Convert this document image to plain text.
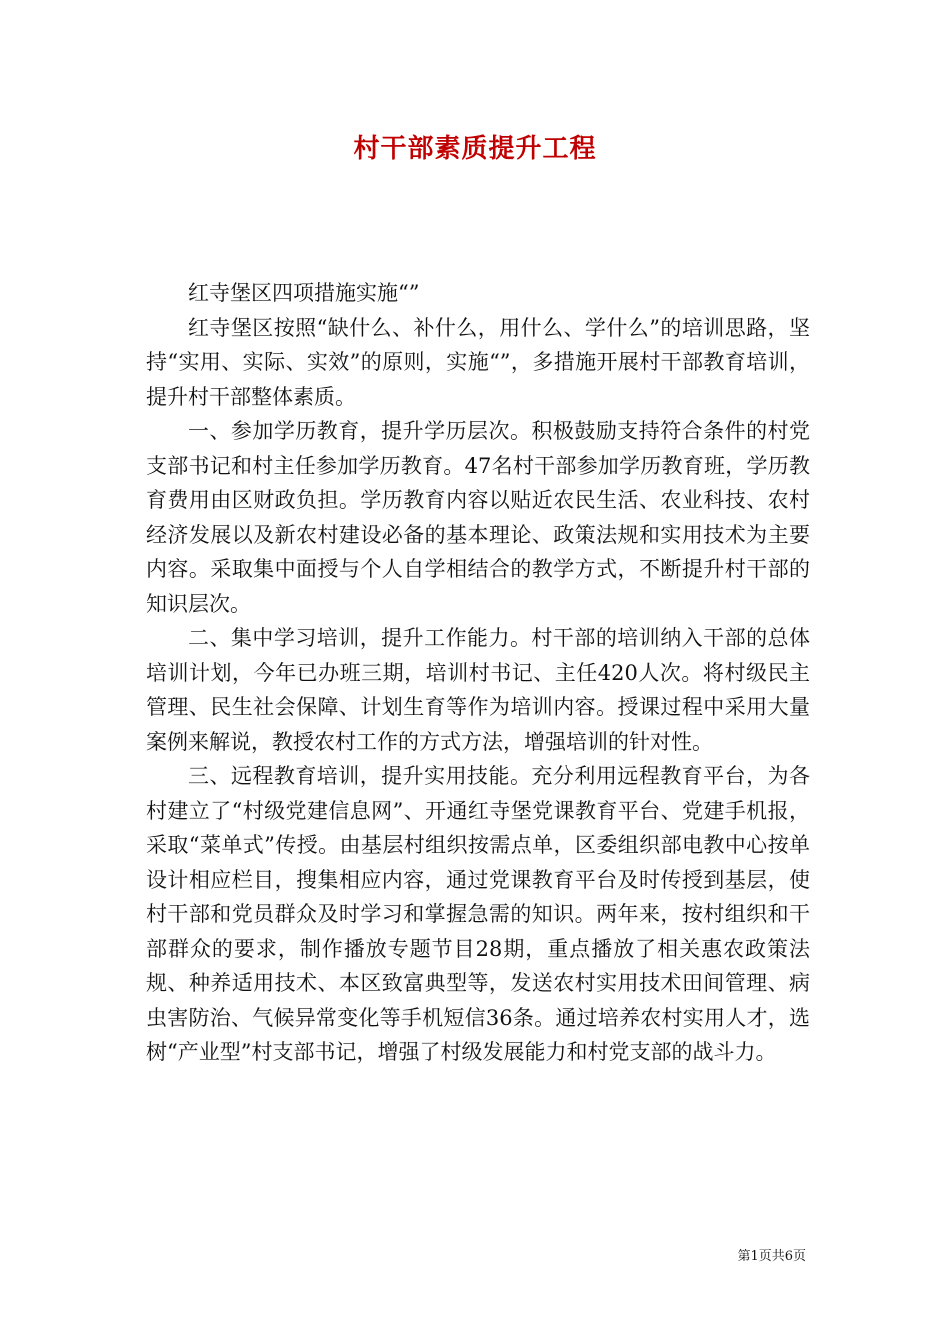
村干部素质提升工程

红寺堡区四项措施实施“”

红寺堡区按照“缺什么、补什么，用什么、学什么”的培训思路，坚持“实用、实际、实效”的原则，实施“”，多措施开展村干部教育培训，提升村干部整体素质。

一、参加学历教育，提升学历层次。积极鼓励支持符合条件的村党支部书记和村主任参加学历教育。47名村干部参加学历教育班，学历教育费用由区财政负担。学历教育内容以贴近农民生活、农业科技、农村经济发展以及新农村建设必备的基本理论、政策法规和实用技术为主要内容。采取集中面授与个人自学相结合的教学方式，不断提升村干部的知识层次。

二、集中学习培训，提升工作能力。村干部的培训纳入干部的总体培训计划，今年已办班三期，培训村书记、主任420人次。将村级民主管理、民生社会保障、计划生育等作为培训内容。授课过程中采用大量案例来解说，教授农村工作的方式方法，增强培训的针对性。

三、远程教育培训，提升实用技能。充分利用远程教育平台，为各村建立了“村级党建信息网”、开通红寺堡党课教育平台、党建手机报，采取“菜单式”传授。由基层村组织按需点单，区委组织部电教中心按单设计相应栏目，搜集相应内容，通过党课教育平台及时传授到基层，使村干部和党员群众及时学习和掌握急需的知识。两年来，按村组织和干部群众的要求，制作播放专题节目28期，重点播放了相关惠农政策法规、种养适用技术、本区致富典型等，发送农村实用技术田间管理、病虫害防治、气候异常变化等手机短信36条。通过培养农村实用人才，选树“产业型”村支部书记，增强了村级发展能力和村党支部的战斗力。

第1页共6页
